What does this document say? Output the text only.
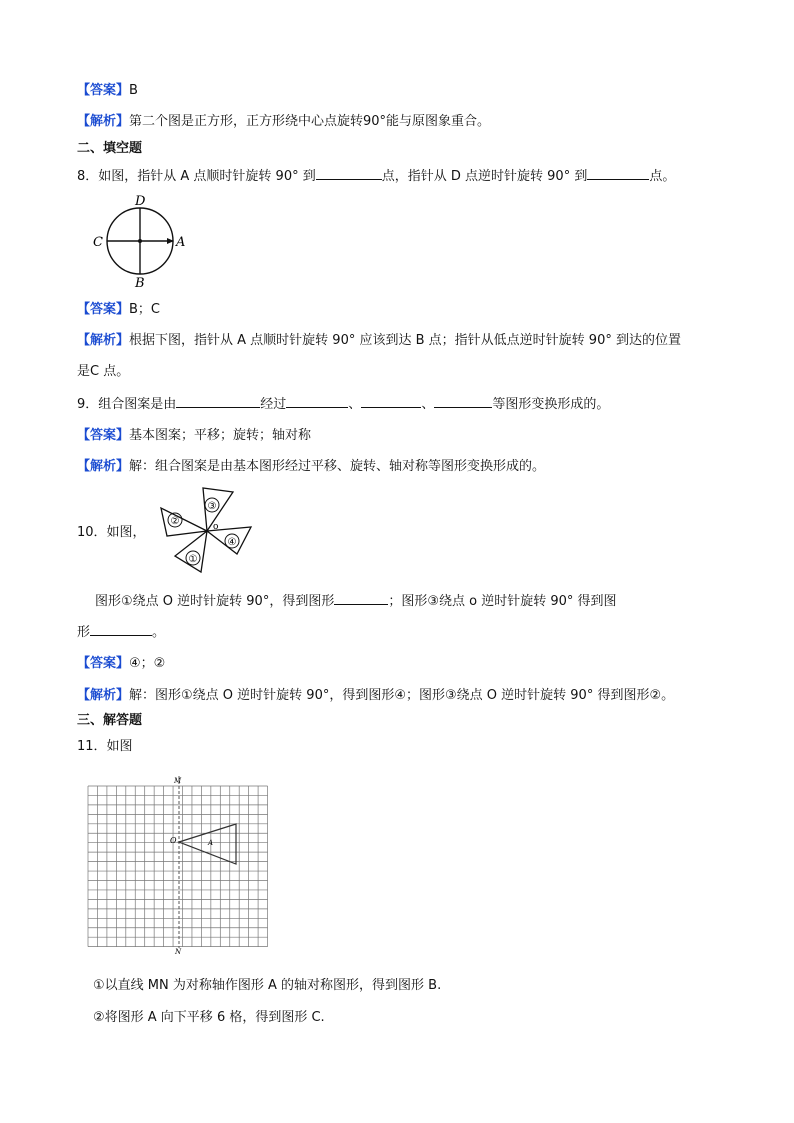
【答案】B
【解析】第二个图是正方形，正方形绕中心点旋转90°能与原图象重合。
二、填空题
8．如图，指针从 A 点顺时针旋转 90° 到	点，指针从 D 点逆时针旋转 90° 到	点。
D
C	A
B
【答案】B；C
【解析】根据下图，指针从 A 点顺时针旋转 90° 应该到达 B 点；指针从低点逆时针旋转 90° 到达的位置
是C 点。
9．组合图案是由	经过	、	、	等图形变换形成的。
【答案】基本图案；平移；旋转；轴对称
【解析】解：组合图案是由基本图形经过平移、旋转、轴对称等图形变换形成的。
10．如图，
③
②
①
④
o
图形①绕点 O 逆时针旋转 90°，得到图形	；图形③绕点 o 逆时针旋转 90° 得到图
形	。
【答案】④；②
【解析】解：图形①绕点 O 逆时针旋转 90°，得到图形④；图形③绕点 O 逆时针旋转 90° 得到图形②。
三、解答题
11．如图
M
N
O	A
①以直线 MN 为对称轴作图形 A 的轴对称图形，得到图形 B.
②将图形 A 向下平移 6 格，得到图形 C.
